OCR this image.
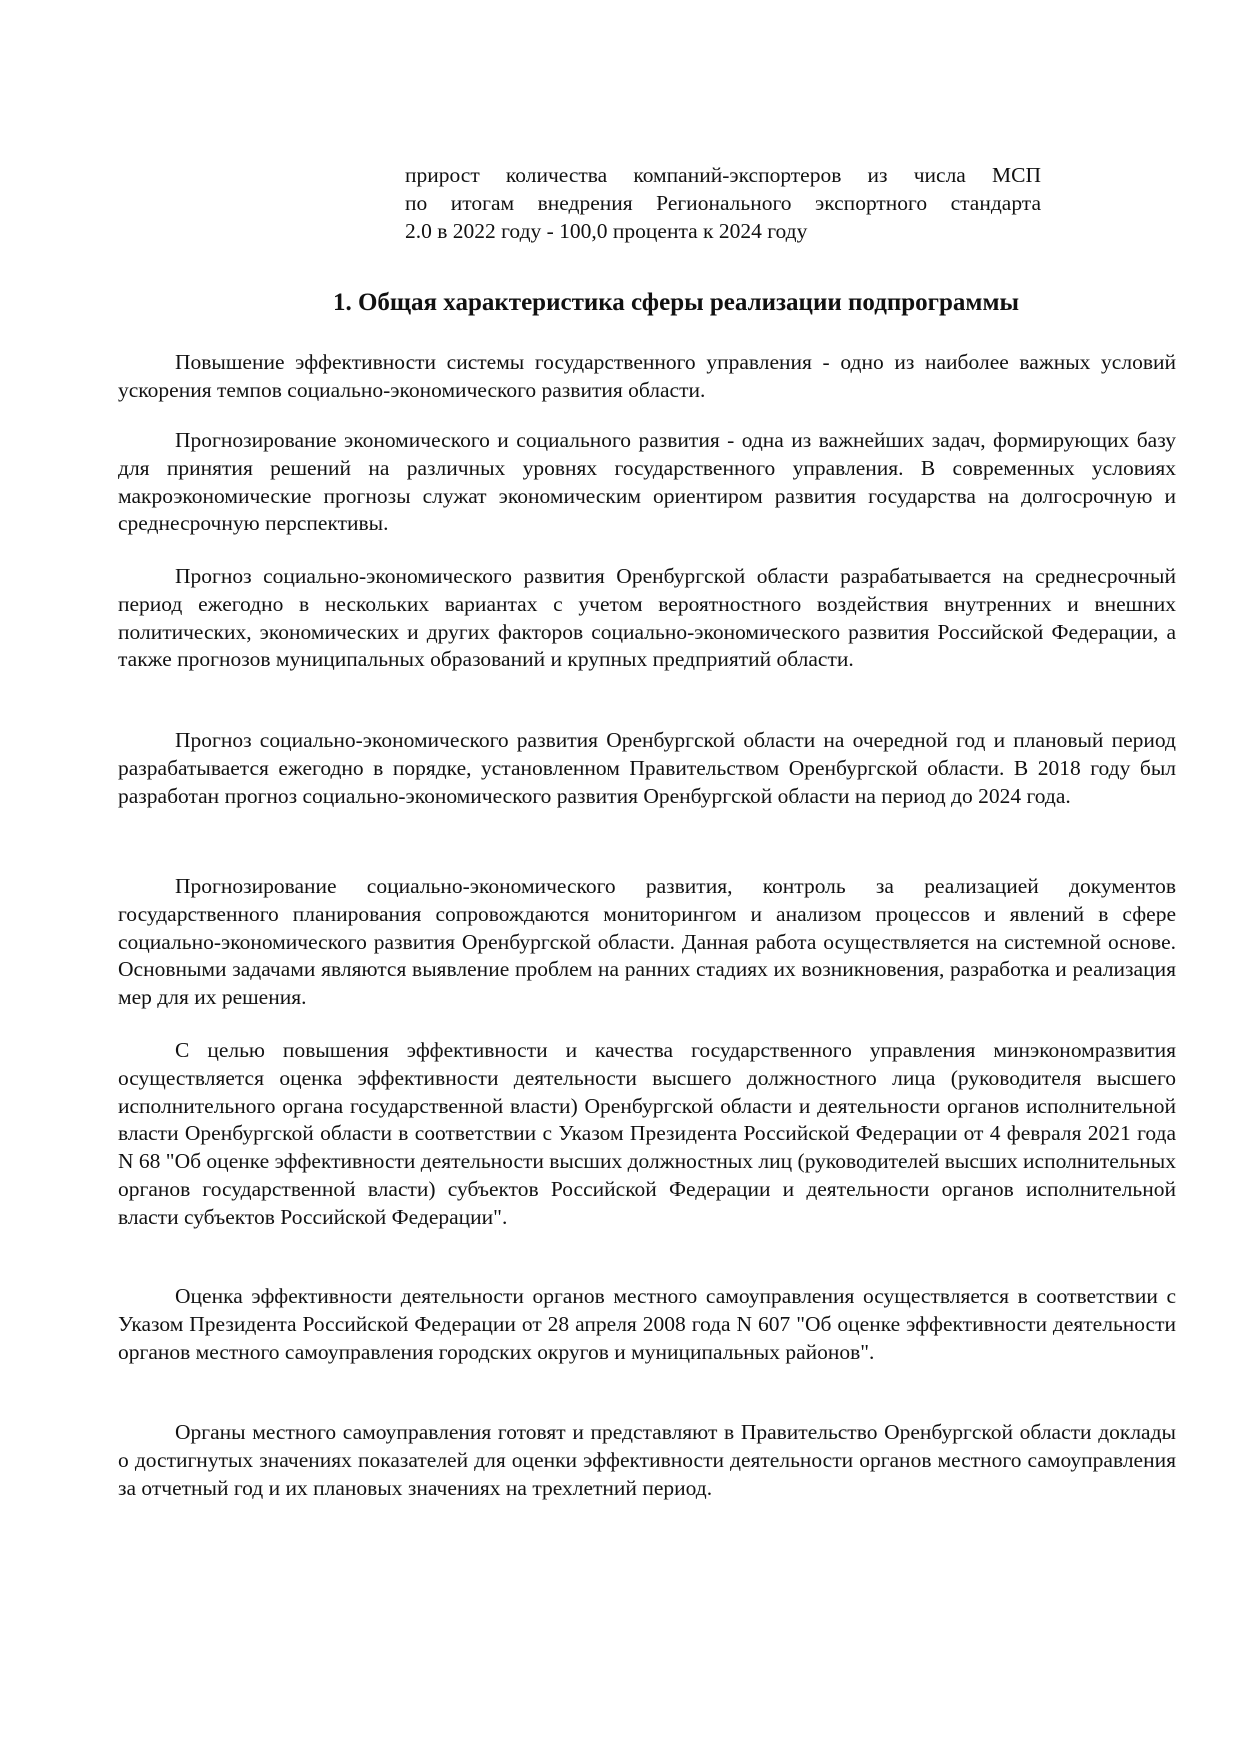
прирост количества компаний-экспортеров из числа МСП
по итогам внедрения Регионального экспортного стандарта
2.0 в 2022 году - 100,0 процента к 2024 году
1. Общая характеристика сферы реализации подпрограммы

Повышение эффективности системы государственного управления - одно из наиболее важных условий ускорения темпов социально-экономического развития области.

Прогнозирование экономического и социального развития - одна из важнейших задач, формирующих базу для принятия решений на различных уровнях государственного управления. В современных условиях макроэкономические прогнозы служат экономическим ориентиром развития государства на долгосрочную и среднесрочную перспективы.

Прогноз социально-экономического развития Оренбургской области разрабатывается на среднесрочный период ежегодно в нескольких вариантах с учетом вероятностного воздействия внутренних и внешних политических, экономических и других факторов социально-экономического развития Российской Федерации, а также прогнозов муниципальных образований и крупных предприятий области.

Прогноз социально-экономического развития Оренбургской области на очередной год и плановый период разрабатывается ежегодно в порядке, установленном Правительством Оренбургской области. В 2018 году был разработан прогноз социально-экономического развития Оренбургской области на период до 2024 года.

Прогнозирование социально-экономического развития, контроль за реализацией документов государственного планирования сопровождаются мониторингом и анализом процессов и явлений в сфере социально-экономического развития Оренбургской области. Данная работа осуществляется на системной основе. Основными задачами являются выявление проблем на ранних стадиях их возникновения, разработка и реализация мер для их решения.

С целью повышения эффективности и качества государственного управления минэкономразвития осуществляется оценка эффективности деятельности высшего должностного лица (руководителя высшего исполнительного органа государственной власти) Оренбургской области и деятельности органов исполнительной власти Оренбургской области в соответствии с Указом Президента Российской Федерации от 4 февраля 2021 года N 68 "Об оценке эффективности деятельности высших должностных лиц (руководителей высших исполнительных органов государственной власти) субъектов Российской Федерации и деятельности органов исполнительной власти субъектов Российской Федерации".

Оценка эффективности деятельности органов местного самоуправления осуществляется в соответствии с Указом Президента Российской Федерации от 28 апреля 2008 года N 607 "Об оценке эффективности деятельности органов местного самоуправления городских округов и муниципальных районов".

Органы местного самоуправления готовят и представляют в Правительство Оренбургской области доклады о достигнутых значениях показателей для оценки эффективности деятельности органов местного самоуправления за отчетный год и их плановых значениях на трехлетний период.
